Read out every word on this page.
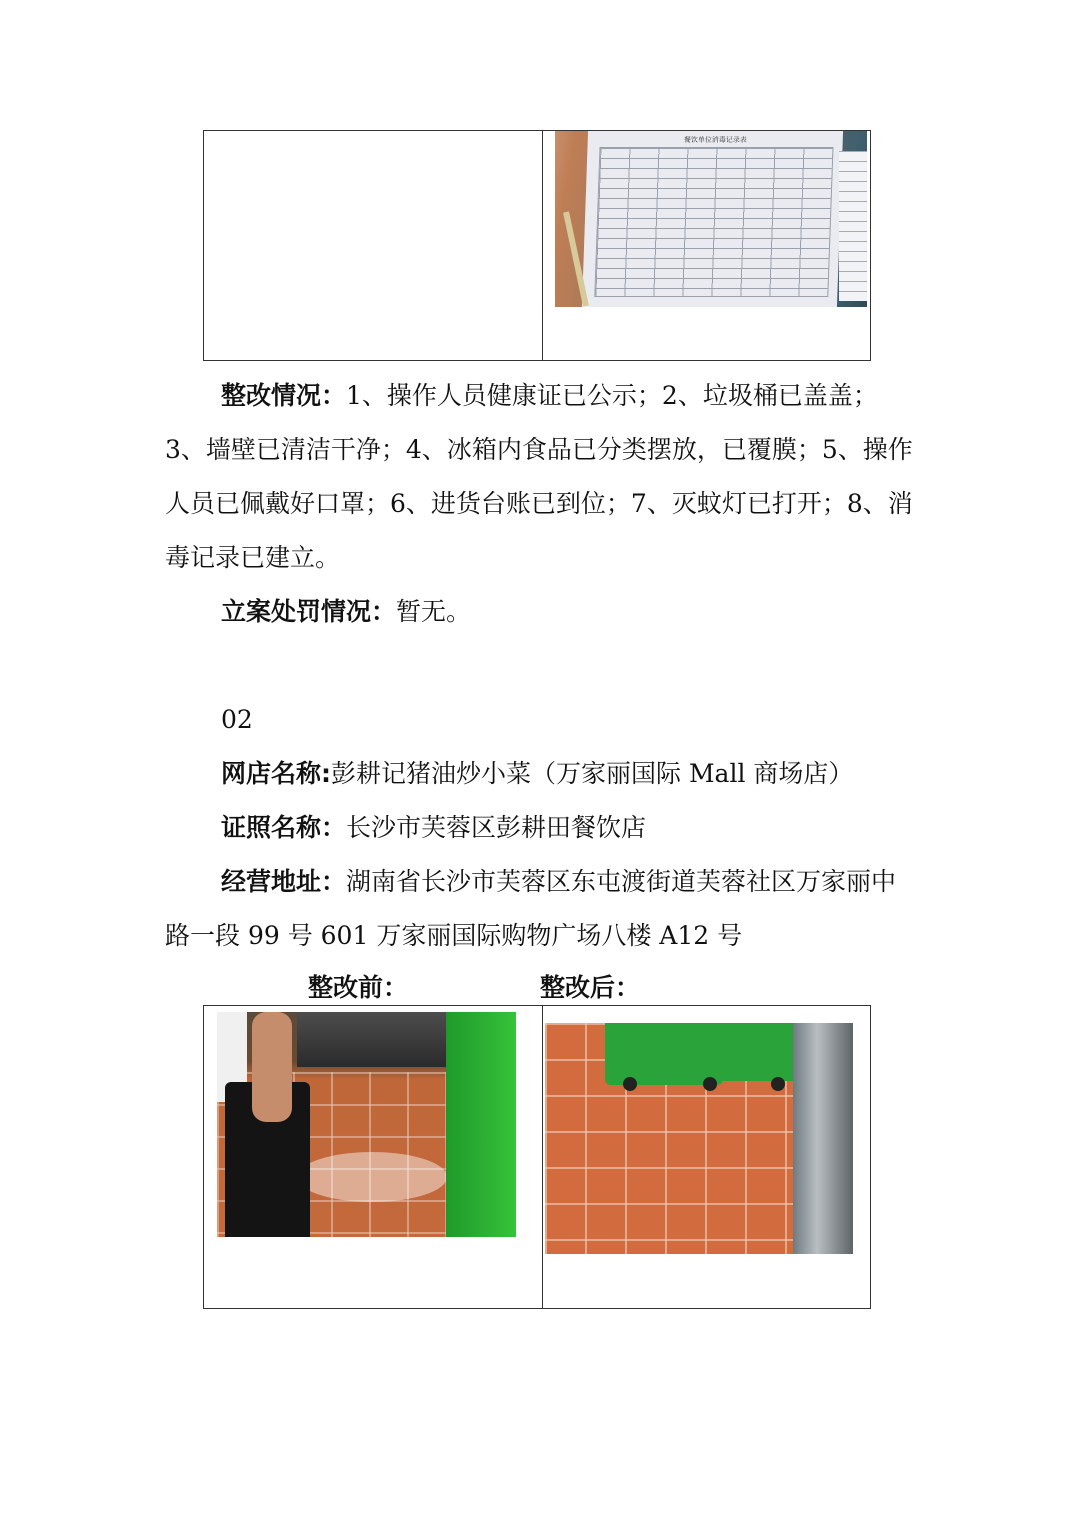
餐饮单位消毒记录表

整改情况：1、操作人员健康证已公示；2、垃圾桶已盖盖；3、墙壁已清洁干净；4、冰箱内食品已分类摆放，已覆膜；5、操作人员已佩戴好口罩；6、进货台账已到位；7、灭蚊灯已打开；8、消毒记录已建立。

立案处罚情况：暂无。

02

网店名称:彭耕记猪油炒小菜（万家丽国际 Mall 商场店）

证照名称：长沙市芙蓉区彭耕田餐饮店

经营地址：湖南省长沙市芙蓉区东屯渡街道芙蓉社区万家丽中路一段 99 号 601 万家丽国际购物广场八楼 A12 号

整改前：	整改后：
